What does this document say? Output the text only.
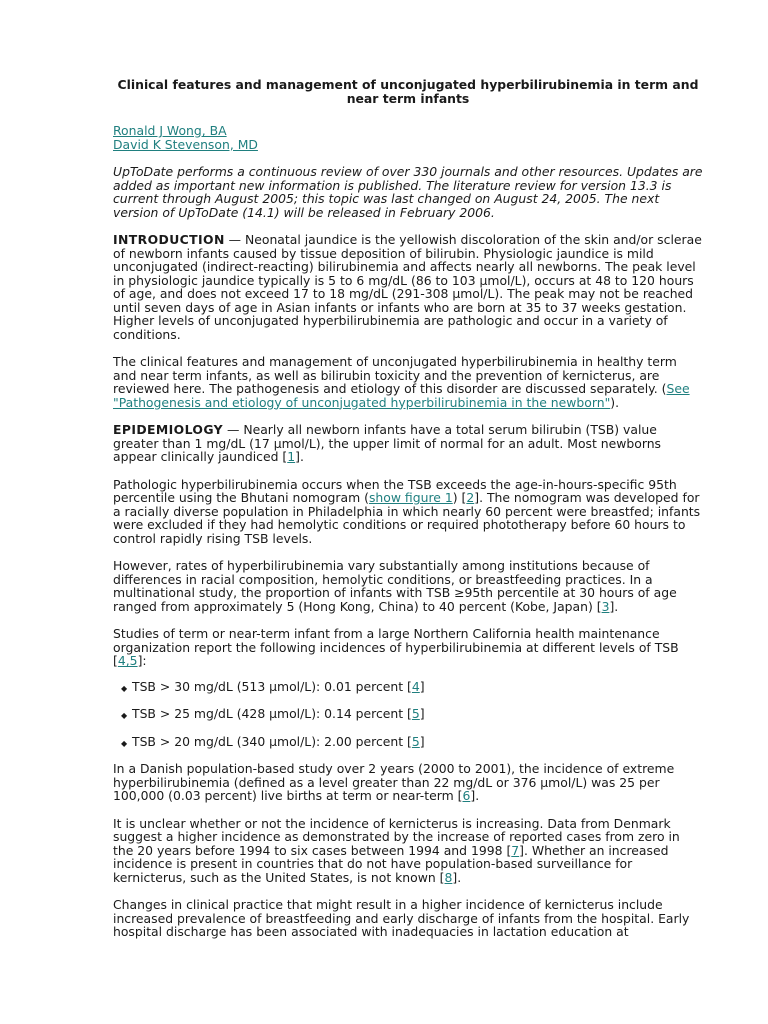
Clinical features and management of unconjugated hyperbilirubinemia in term and near term infants
Ronald J Wong, BA
David K Stevenson, MD

UpToDate performs a continuous review of over 330 journals and other resources. Updates are added as important new information is published. The literature review for version 13.3 is current through August 2005; this topic was last changed on August 24, 2005. The next version of UpToDate (14.1) will be released in February 2006.

INTRODUCTION — Neonatal jaundice is the yellowish discoloration of the skin and/or sclerae of newborn infants caused by tissue deposition of bilirubin. Physiologic jaundice is mild unconjugated (indirect-reacting) bilirubinemia and affects nearly all newborns. The peak level in physiologic jaundice typically is 5 to 6 mg/dL (86 to 103 µmol/L), occurs at 48 to 120 hours of age, and does not exceed 17 to 18 mg/dL (291-308 µmol/L). The peak may not be reached until seven days of age in Asian infants or infants who are born at 35 to 37 weeks gestation. Higher levels of unconjugated hyperbilirubinemia are pathologic and occur in a variety of conditions.

The clinical features and management of unconjugated hyperbilirubinemia in healthy term and near term infants, as well as bilirubin toxicity and the prevention of kernicterus, are reviewed here. The pathogenesis and etiology of this disorder are discussed separately. (See "Pathogenesis and etiology of unconjugated hyperbilirubinemia in the newborn").

EPIDEMIOLOGY — Nearly all newborn infants have a total serum bilirubin (TSB) value greater than 1 mg/dL (17 µmol/L), the upper limit of normal for an adult. Most newborns appear clinically jaundiced [1].

Pathologic hyperbilirubinemia occurs when the TSB exceeds the age-in-hours-specific 95th percentile using the Bhutani nomogram (show figure 1) [2]. The nomogram was developed for a racially diverse population in Philadelphia in which nearly 60 percent were breastfed; infants were excluded if they had hemolytic conditions or required phototherapy before 60 hours to control rapidly rising TSB levels.

However, rates of hyperbilirubinemia vary substantially among institutions because of differences in racial composition, hemolytic conditions, or breastfeeding practices. In a multinational study, the proportion of infants with TSB ≥95th percentile at 30 hours of age ranged from approximately 5 (Hong Kong, China) to 40 percent (Kobe, Japan) [3].

Studies of term or near-term infant from a large Northern California health maintenance organization report the following incidences of hyperbilirubinemia at different levels of TSB [4,5]:

◆ TSB > 30 mg/dL (513 µmol/L): 0.01 percent [4]
◆ TSB > 25 mg/dL (428 µmol/L): 0.14 percent [5]
◆ TSB > 20 mg/dL (340 µmol/L): 2.00 percent [5]

In a Danish population-based study over 2 years (2000 to 2001), the incidence of extreme hyperbilirubinemia (defined as a level greater than 22 mg/dL or 376 µmol/L) was 25 per 100,000 (0.03 percent) live births at term or near-term [6].

It is unclear whether or not the incidence of kernicterus is increasing. Data from Denmark suggest a higher incidence as demonstrated by the increase of reported cases from zero in the 20 years before 1994 to six cases between 1994 and 1998 [7]. Whether an increased incidence is present in countries that do not have population-based surveillance for kernicterus, such as the United States, is not known [8].

Changes in clinical practice that might result in a higher incidence of kernicterus include increased prevalence of breastfeeding and early discharge of infants from the hospital. Early hospital discharge has been associated with inadequacies in lactation education at
